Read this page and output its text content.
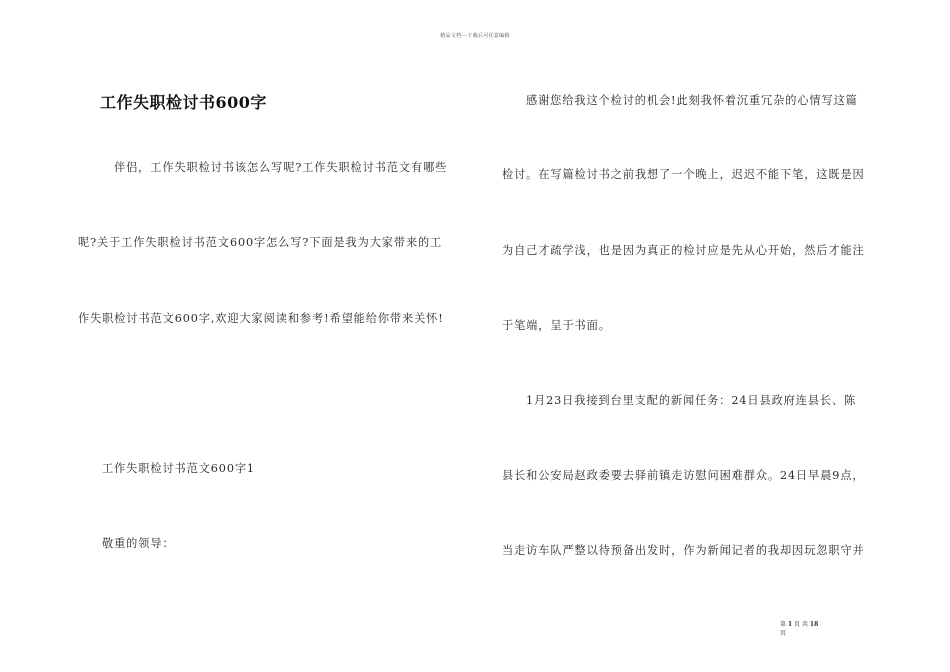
精品文档---下载后可任意编辑
工作失职检讨书600字
伴侣，工作失职检讨书该怎么写呢?工作失职检讨书范文有哪些
呢?关于工作失职检讨书范文600字怎么写?下面是我为大家带来的工
作失职检讨书范文600字,欢迎大家阅读和参考!希望能给你带来关怀!
工作失职检讨书范文600字1
敬重的领导：
感谢您给我这个检讨的机会!此刻我怀着沉重冗杂的心情写这篇
检讨。在写篇检讨书之前我想了一个晚上，迟迟不能下笔，这既是因
为自己才疏学浅，也是因为真正的检讨应是先从心开始，然后才能注
于笔端，呈于书面。
1月23日我接到台里支配的新闻任务：24日县政府连县长、陈
县长和公安局赵政委要去驿前镇走访慰问困难群众。24日早晨9点，
当走访车队严整以待预备出发时，作为新闻记者的我却因玩忽职守并
第 1 页 共 18
页
